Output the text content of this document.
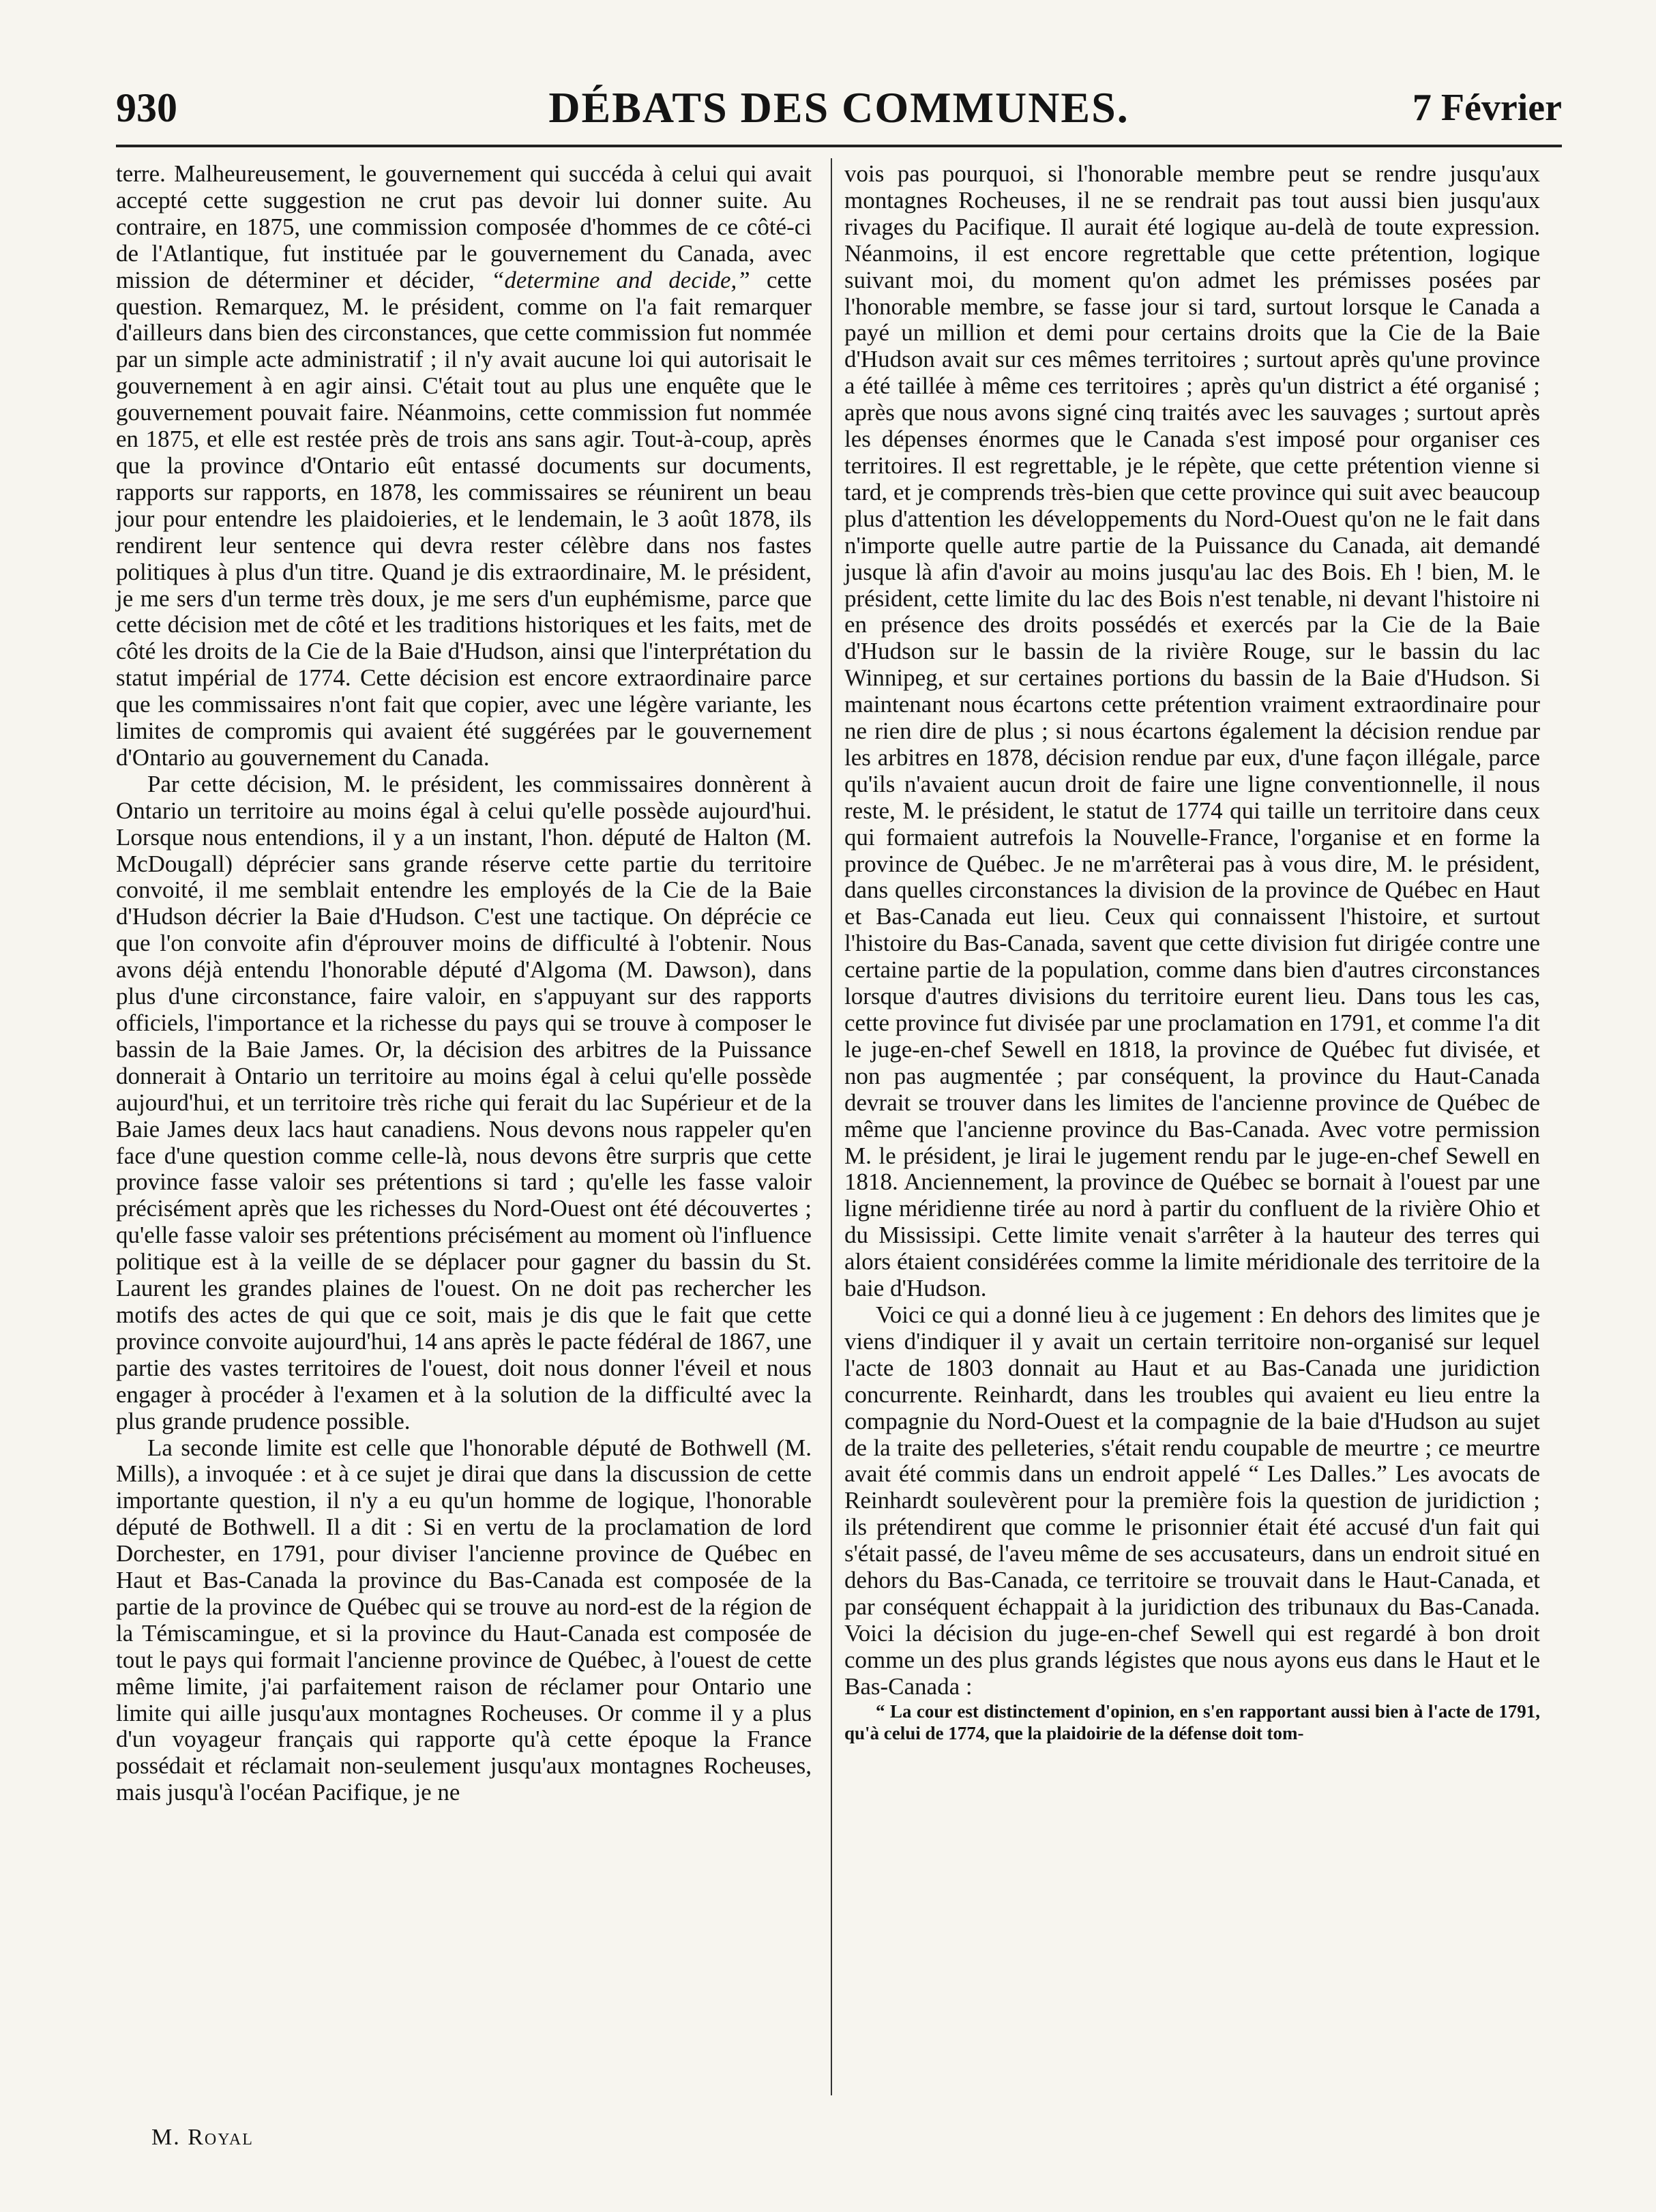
930	DÉBATS DES COMMUNES.	7 Février

terre. Malheureusement, le gouvernement qui succéda à celui qui avait accepté cette suggestion ne crut pas devoir lui donner suite. Au contraire, en 1875, une commission composée d'hommes de ce côté-ci de l'Atlantique, fut instituée par le gouvernement du Canada, avec mission de déterminer et décider, “determine and decide,” cette question. Remarquez, M. le président, comme on l'a fait remarquer d'ailleurs dans bien des circonstances, que cette commission fut nommée par un simple acte administratif ; il n'y avait aucune loi qui autorisait le gouvernement à en agir ainsi. C'était tout au plus une enquête que le gouvernement pouvait faire. Néanmoins, cette commission fut nommée en 1875, et elle est restée près de trois ans sans agir. Tout-à-coup, après que la province d'Ontario eût entassé documents sur documents, rapports sur rapports, en 1878, les commissaires se réunirent un beau jour pour entendre les plaidoieries, et le lendemain, le 3 août 1878, ils rendirent leur sentence qui devra rester célèbre dans nos fastes politiques à plus d'un titre. Quand je dis extraordinaire, M. le président, je me sers d'un terme très doux, je me sers d'un euphémisme, parce que cette décision met de côté et les traditions historiques et les faits, met de côté les droits de la Cie de la Baie d'Hudson, ainsi que l'interprétation du statut impérial de 1774. Cette décision est encore extraordinaire parce que les commissaires n'ont fait que copier, avec une légère variante, les limites de compromis qui avaient été suggérées par le gouvernement d'Ontario au gouvernement du Canada.

Par cette décision, M. le président, les commissaires donnèrent à Ontario un territoire au moins égal à celui qu'elle possède aujourd'hui. Lorsque nous entendions, il y a un instant, l'hon. député de Halton (M. McDougall) déprécier sans grande réserve cette partie du territoire convoité, il me semblait entendre les employés de la Cie de la Baie d'Hudson décrier la Baie d'Hudson. C'est une tactique. On déprécie ce que l'on convoite afin d'éprouver moins de difficulté à l'obtenir. Nous avons déjà entendu l'honorable député d'Algoma (M. Dawson), dans plus d'une circonstance, faire valoir, en s'appuyant sur des rapports officiels, l'importance et la richesse du pays qui se trouve à composer le bassin de la Baie James. Or, la décision des arbitres de la Puissance donnerait à Ontario un territoire au moins égal à celui qu'elle possède aujourd'hui, et un territoire très riche qui ferait du lac Supérieur et de la Baie James deux lacs haut canadiens. Nous devons nous rappeler qu'en face d'une question comme celle-là, nous devons être surpris que cette province fasse valoir ses prétentions si tard ; qu'elle les fasse valoir précisément après que les richesses du Nord-Ouest ont été découvertes ; qu'elle fasse valoir ses prétentions précisément au moment où l'influence politique est à la veille de se déplacer pour gagner du bassin du St. Laurent les grandes plaines de l'ouest. On ne doit pas rechercher les motifs des actes de qui que ce soit, mais je dis que le fait que cette province convoite aujourd'hui, 14 ans après le pacte fédéral de 1867, une partie des vastes territoires de l'ouest, doit nous donner l'éveil et nous engager à procéder à l'examen et à la solution de la difficulté avec la plus grande prudence possible.

La seconde limite est celle que l'honorable député de Bothwell (M. Mills), a invoquée : et à ce sujet je dirai que dans la discussion de cette importante question, il n'y a eu qu'un homme de logique, l'honorable député de Bothwell. Il a dit : Si en vertu de la proclamation de lord Dorchester, en 1791, pour diviser l'ancienne province de Québec en Haut et Bas-Canada la province du Bas-Canada est composée de la partie de la province de Québec qui se trouve au nord-est de la région de la Témiscamingue, et si la province du Haut-Canada est composée de tout le pays qui formait l'ancienne province de Québec, à l'ouest de cette même limite, j'ai parfaitement raison de réclamer pour Ontario une limite qui aille jusqu'aux montagnes Rocheuses. Or comme il y a plus d'un voyageur français qui rapporte qu'à cette époque la France possédait et réclamait non-seulement jusqu'aux montagnes Rocheuses, mais jusqu'à l'océan Pacifique, je ne

vois pas pourquoi, si l'honorable membre peut se rendre jusqu'aux montagnes Rocheuses, il ne se rendrait pas tout aussi bien jusqu'aux rivages du Pacifique. Il aurait été logique au-delà de toute expression. Néanmoins, il est encore regrettable que cette prétention, logique suivant moi, du moment qu'on admet les prémisses posées par l'honorable membre, se fasse jour si tard, surtout lorsque le Canada a payé un million et demi pour certains droits que la Cie de la Baie d'Hudson avait sur ces mêmes territoires ; surtout après qu'une province a été taillée à même ces territoires ; après qu'un district a été organisé ; après que nous avons signé cinq traités avec les sauvages ; surtout après les dépenses énormes que le Canada s'est imposé pour organiser ces territoires. Il est regrettable, je le répète, que cette prétention vienne si tard, et je comprends très-bien que cette province qui suit avec beaucoup plus d'attention les développements du Nord-Ouest qu'on ne le fait dans n'importe quelle autre partie de la Puissance du Canada, ait demandé jusque là afin d'avoir au moins jusqu'au lac des Bois. Eh ! bien, M. le président, cette limite du lac des Bois n'est tenable, ni devant l'histoire ni en présence des droits possédés et exercés par la Cie de la Baie d'Hudson sur le bassin de la rivière Rouge, sur le bassin du lac Winnipeg, et sur certaines portions du bassin de la Baie d'Hudson. Si maintenant nous écartons cette prétention vraiment extraordinaire pour ne rien dire de plus ; si nous écartons également la décision rendue par les arbitres en 1878, décision rendue par eux, d'une façon illégale, parce qu'ils n'avaient aucun droit de faire une ligne conventionnelle, il nous reste, M. le président, le statut de 1774 qui taille un territoire dans ceux qui formaient autrefois la Nouvelle-France, l'organise et en forme la province de Québec. Je ne m'arrêterai pas à vous dire, M. le président, dans quelles circonstances la division de la province de Québec en Haut et Bas-Canada eut lieu. Ceux qui connaissent l'histoire, et surtout l'histoire du Bas-Canada, savent que cette division fut dirigée contre une certaine partie de la population, comme dans bien d'autres circonstances lorsque d'autres divisions du territoire eurent lieu. Dans tous les cas, cette province fut divisée par une proclamation en 1791, et comme l'a dit le juge-en-chef Sewell en 1818, la province de Québec fut divisée, et non pas augmentée ; par conséquent, la province du Haut-Canada devrait se trouver dans les limites de l'ancienne province de Québec de même que l'ancienne province du Bas-Canada. Avec votre permission M. le président, je lirai le jugement rendu par le juge-en-chef Sewell en 1818. Anciennement, la province de Québec se bornait à l'ouest par une ligne méridienne tirée au nord à partir du confluent de la rivière Ohio et du Mississipi. Cette limite venait s'arrêter à la hauteur des terres qui alors étaient considérées comme la limite méridionale des territoire de la baie d'Hudson.

Voici ce qui a donné lieu à ce jugement : En dehors des limites que je viens d'indiquer il y avait un certain territoire non-organisé sur lequel l'acte de 1803 donnait au Haut et au Bas-Canada une juridiction concurrente. Reinhardt, dans les troubles qui avaient eu lieu entre la compagnie du Nord-Ouest et la compagnie de la baie d'Hudson au sujet de la traite des pelleteries, s'était rendu coupable de meurtre ; ce meurtre avait été commis dans un endroit appelé “ Les Dalles.” Les avocats de Reinhardt soulevèrent pour la première fois la question de juridiction ; ils prétendirent que comme le prisonnier était été accusé d'un fait qui s'était passé, de l'aveu même de ses accusateurs, dans un endroit situé en dehors du Bas-Canada, ce territoire se trouvait dans le Haut-Canada, et par conséquent échappait à la juridiction des tribunaux du Bas-Canada. Voici la décision du juge-en-chef Sewell qui est regardé à bon droit comme un des plus grands légistes que nous ayons eus dans le Haut et le Bas-Canada :

“ La cour est distinctement d'opinion, en s'en rapportant aussi bien à l'acte de 1791, qu'à celui de 1774, que la plaidoirie de la défense doit tom-

M. Royal
